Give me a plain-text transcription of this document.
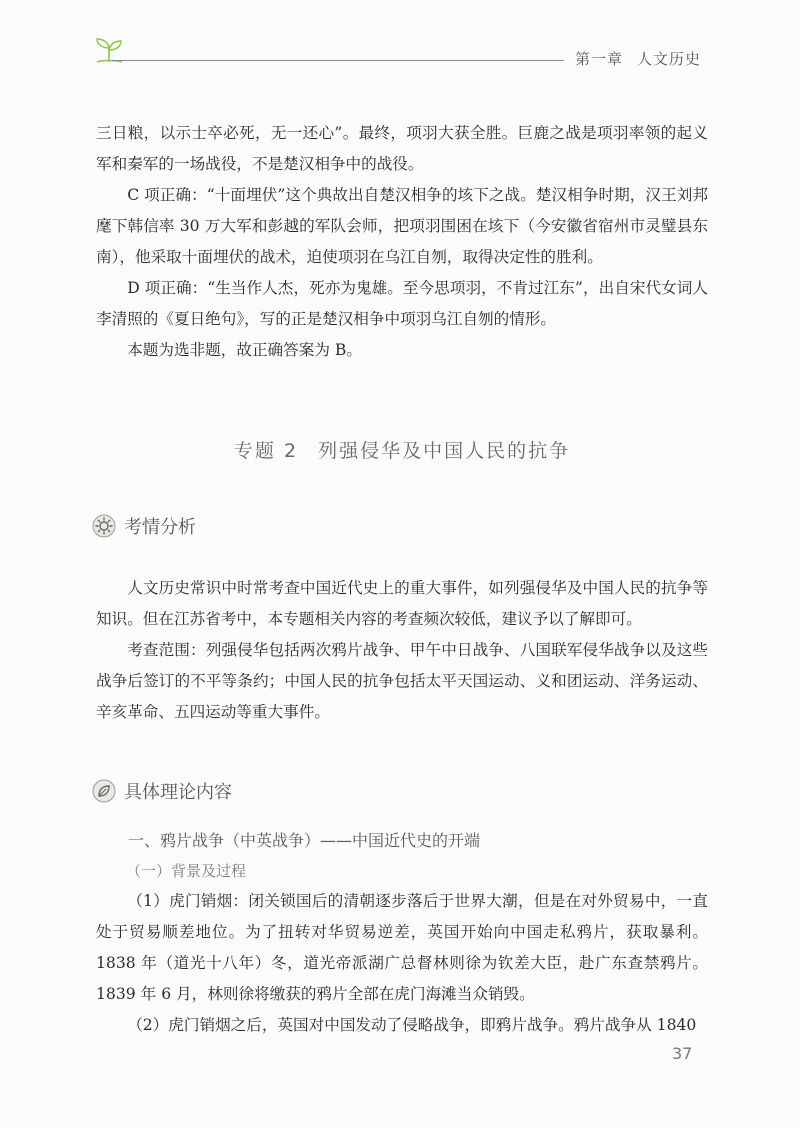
第一章 人文历史

三日粮，以示士卒必死，无一还心”。最终，项羽大获全胜。巨鹿之战是项羽率领的起义军和秦军的一场战役，不是楚汉相争中的战役。

C 项正确：“十面埋伏”这个典故出自楚汉相争的垓下之战。楚汉相争时期，汉王刘邦麾下韩信率 30 万大军和彭越的军队会师，把项羽围困在垓下（今安徽省宿州市灵璧县东南），他采取十面埋伏的战术，迫使项羽在乌江自刎，取得决定性的胜利。

D 项正确：“生当作人杰，死亦为鬼雄。至今思项羽，不肯过江东”，出自宋代女词人李清照的《夏日绝句》，写的正是楚汉相争中项羽乌江自刎的情形。

本题为选非题，故正确答案为 B。

专题 2 列强侵华及中国人民的抗争
考情分析

人文历史常识中时常考查中国近代史上的重大事件，如列强侵华及中国人民的抗争等知识。但在江苏省考中，本专题相关内容的考查频次较低，建议予以了解即可。

考查范围：列强侵华包括两次鸦片战争、甲午中日战争、八国联军侵华战争以及这些战争后签订的不平等条约；中国人民的抗争包括太平天国运动、义和团运动、洋务运动、辛亥革命、五四运动等重大事件。

具体理论内容
一、鸦片战争（中英战争）——中国近代史的开端
（一）背景及过程

（1）虎门销烟：闭关锁国后的清朝逐步落后于世界大潮，但是在对外贸易中，一直处于贸易顺差地位。为了扭转对华贸易逆差，英国开始向中国走私鸦片，获取暴利。1838 年（道光十八年）冬，道光帝派湖广总督林则徐为钦差大臣，赴广东查禁鸦片。1839 年 6 月，林则徐将缴获的鸦片全部在虎门海滩当众销毁。

（2）虎门销烟之后，英国对中国发动了侵略战争，即鸦片战争。鸦片战争从 1840

37
